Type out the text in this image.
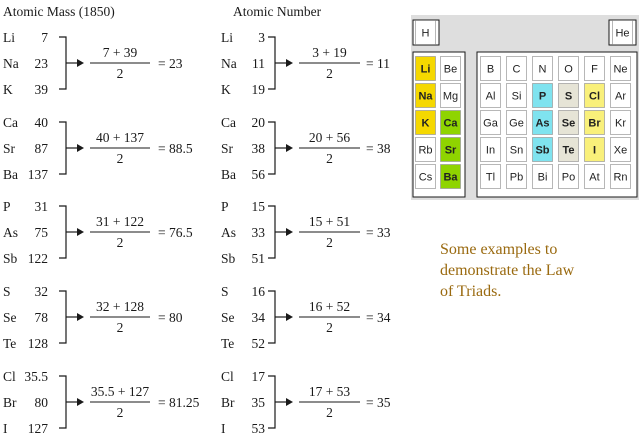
Atomic Mass (1850)	Atomic Number
Li 7
Na 23
K 39
7 + 39
2
= 23
Li 3
Na 11
K 19
3 + 19
2
= 11
Ca 40
Sr 87
Ba 137
40 + 137
2
= 88.5
Ca 20
Sr 38
Ba 56
20 + 56
2
= 38
P 31
As 75
Sb 122
31 + 122
2
= 76.5
P 15
As 33
Sb 51
15 + 51
2
= 33
S 32
Se 78
Te 128
32 + 128
2
= 80
S 16
Se 34
Te 52
16 + 52
2
= 34
Cl 35.5
Br 80
I 127
35.5 + 127
2
= 81.25
Cl 17
Br 35
I 53
17 + 53
2
= 35
H	He
Li Be
Na Mg
K Ca
Rb Sr
Cs Ba
B C N O F Ne
Al Si P S Cl Ar
Ga Ge As Se Br Kr
In Sn Sb Te I Xe
Tl Pb Bi Po At Rn
Some examples to
demonstrate the Law
of Triads.
